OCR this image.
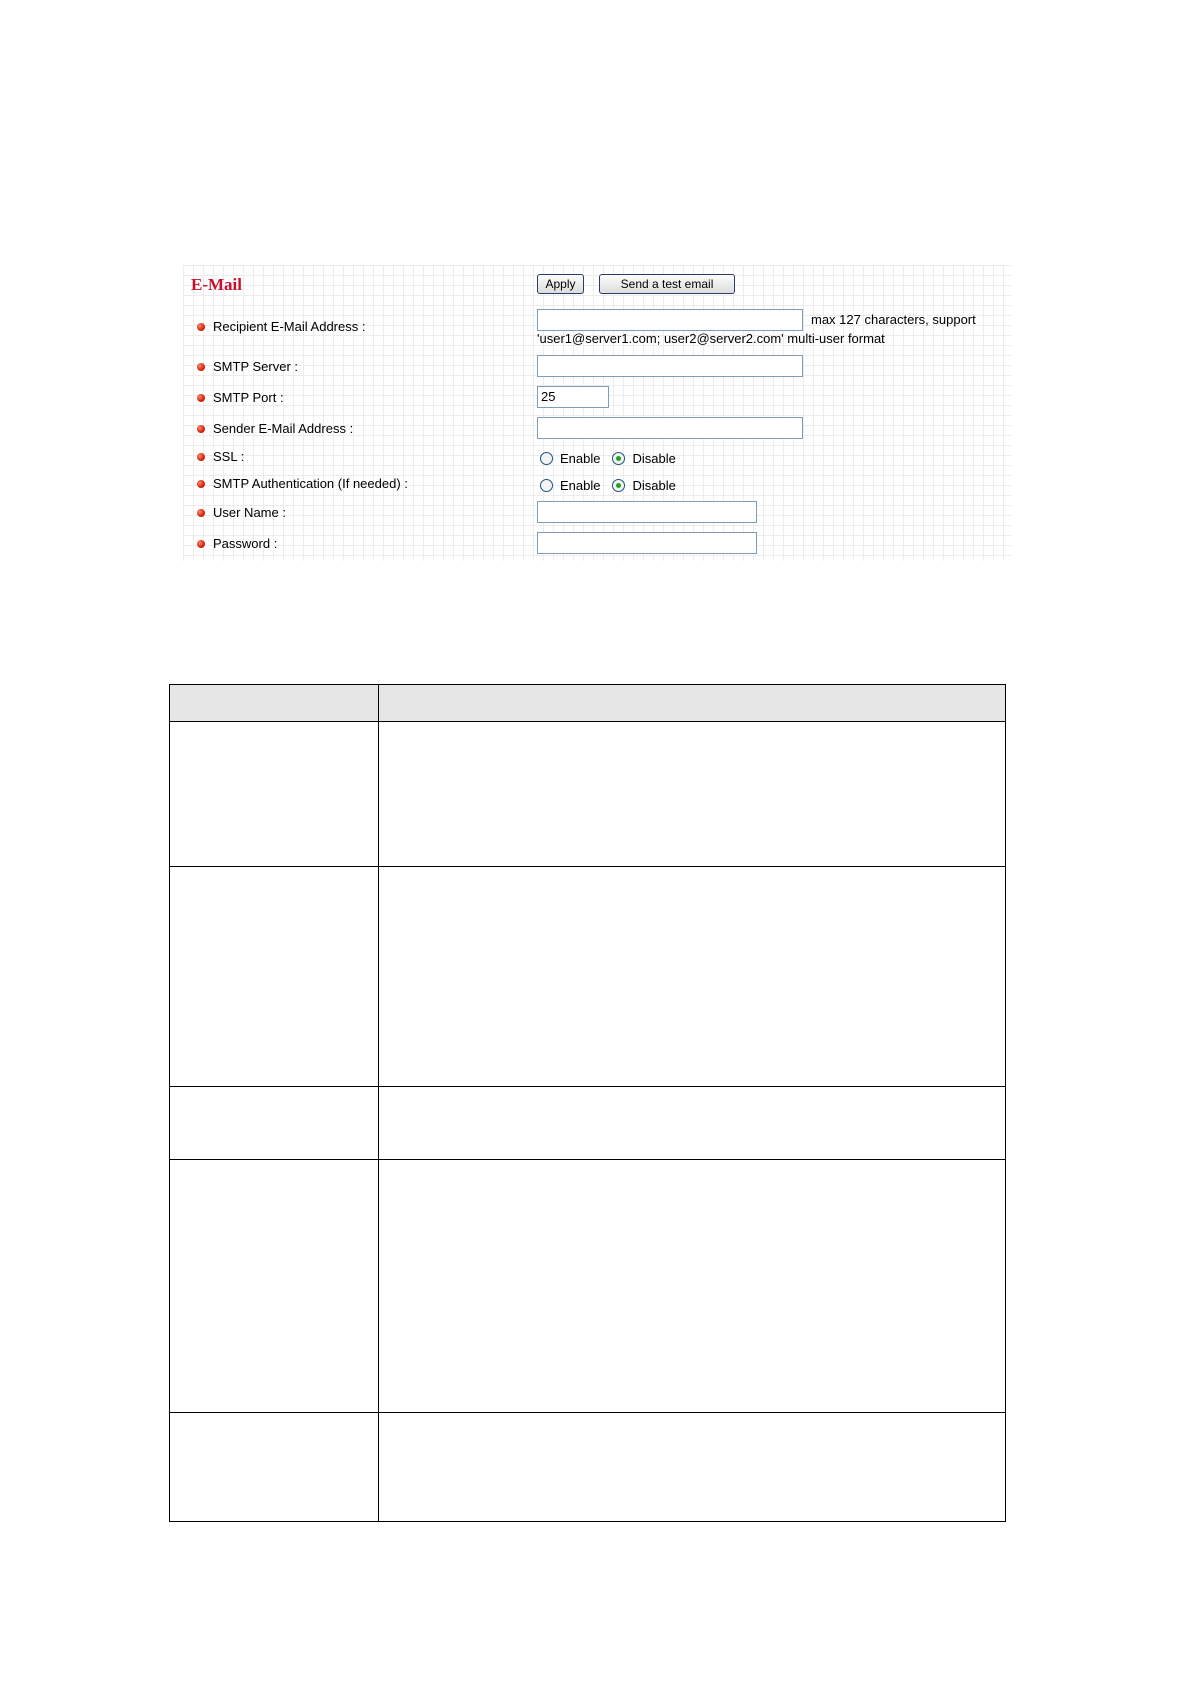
E-Mail	Apply	Send a test email
Recipient E-Mail Address :	max 127 characters, support
'user1@server1.com; user2@server2.com' multi-user format
SMTP Server :
SMTP Port :	25
Sender E-Mail Address :
SSL :	Enable Disable
SMTP Authentication (If needed) :	Enable Disable
User Name :
Password :
